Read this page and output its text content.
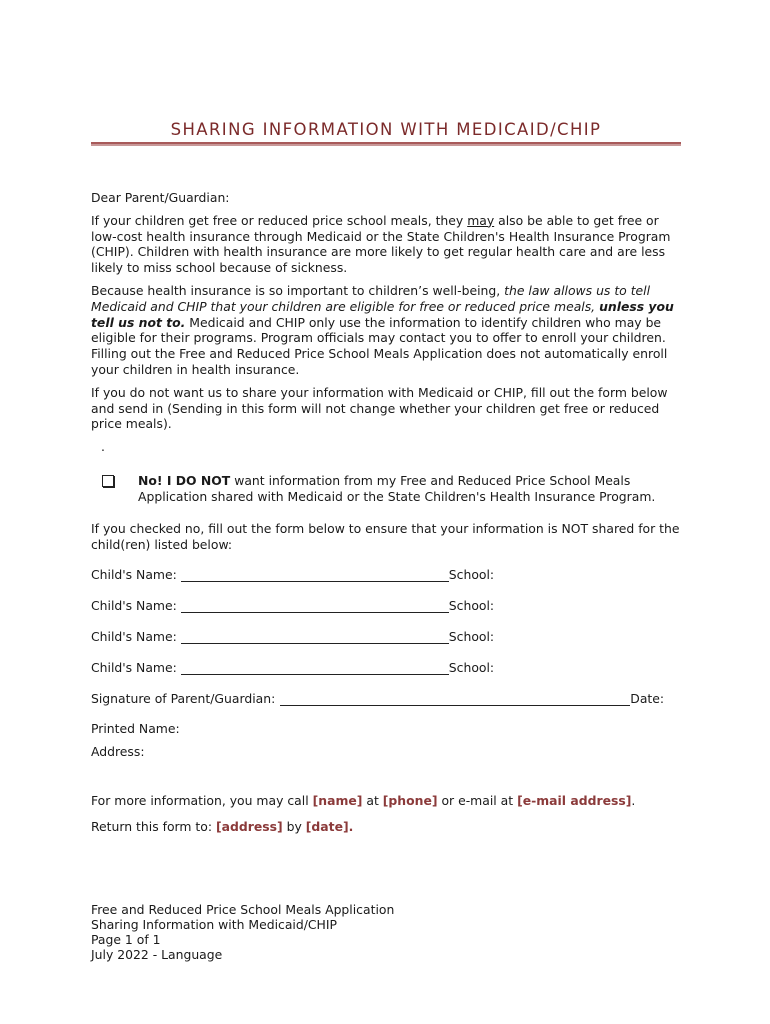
SHARING INFORMATION WITH MEDICAID/CHIP

Dear Parent/Guardian:

If your children get free or reduced price school meals, they may also be able to get free or low-cost health insurance through Medicaid or the State Children's Health Insurance Program (CHIP). Children with health insurance are more likely to get regular health care and are less likely to miss school because of sickness.

Because health insurance is so important to children’s well-being, the law allows us to tell Medicaid and CHIP that your children are eligible for free or reduced price meals, unless you tell us not to. Medicaid and CHIP only use the information to identify children who may be eligible for their programs. Program officials may contact you to offer to enroll your children. Filling out the Free and Reduced Price School Meals Application does not automatically enroll your children in health insurance.

If you do not want us to share your information with Medicaid or CHIP, fill out the form below and send in (Sending in this form will not change whether your children get free or reduced price meals).

.
No! I DO NOT want information from my Free and Reduced Price School Meals Application shared with Medicaid or the State Children's Health Insurance Program.

If you checked no, fill out the form below to ensure that your information is NOT shared for the child(ren) listed below:

Child's Name:	School:
Child's Name:	School:
Child's Name:	School:
Child's Name:	School:
Signature of Parent/Guardian:	Date:

Printed Name:

Address:

For more information, you may call [name] at [phone] or e-mail at [e-mail address].

Return this form to: [address] by [date].

Free and Reduced Price School Meals Application
Sharing Information with Medicaid/CHIP
Page 1 of 1
July 2022 - Language
